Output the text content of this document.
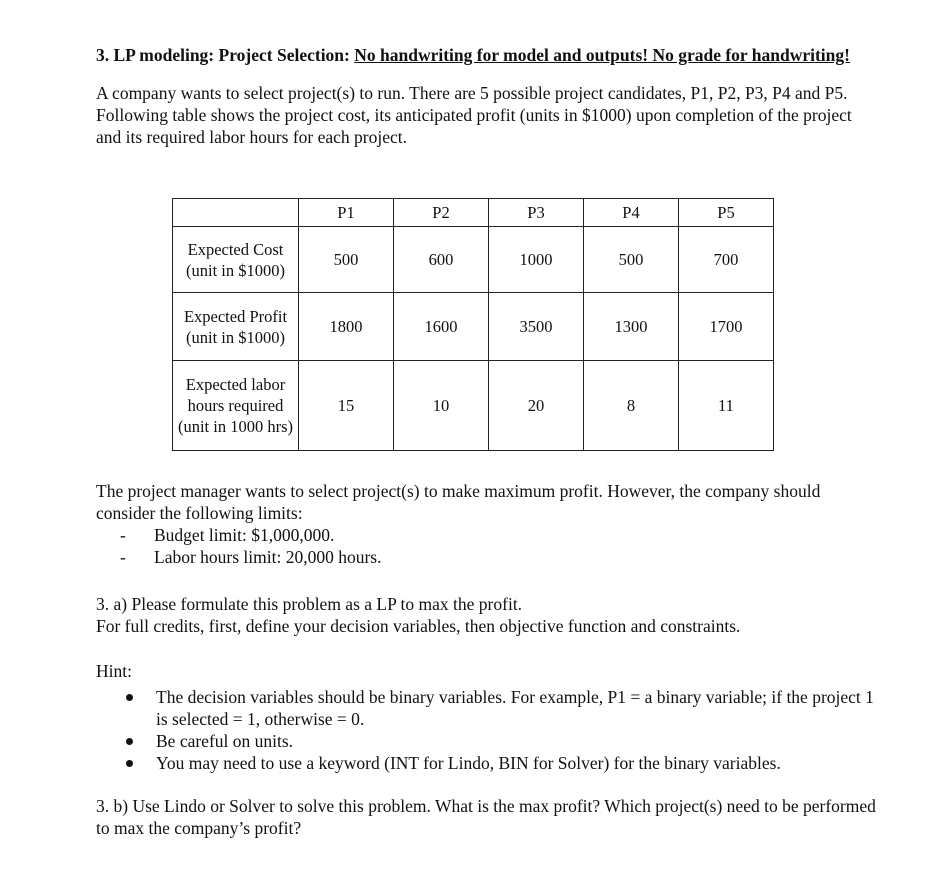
3. LP modeling: Project Selection: No handwriting for model and outputs! No grade for handwriting!

A company wants to select project(s) to run. There are 5 possible project candidates, P1, P2, P3, P4 and P5. Following table shows the project cost, its anticipated profit (units in $1000) upon completion of the project and its required labor hours for each project.

	P1	P2	P3	P4	P5
Expected Cost (unit in $1000)	500	600	1000	500	700
Expected Profit (unit in $1000)	1800	1600	3500	1300	1700
Expected labor hours required (unit in 1000 hrs)	15	10	20	8	11

The project manager wants to select project(s) to make maximum profit. However, the company should consider the following limits:

- Budget limit: $1,000,000.
- Labor hours limit: 20,000 hours.

3. a) Please formulate this problem as a LP to max the profit.

For full credits, first, define your decision variables, then objective function and constraints.

Hint:

The decision variables should be binary variables. For example, P1 = a binary variable; if the project 1 is selected = 1, otherwise = 0.
Be careful on units.
You may need to use a keyword (INT for Lindo, BIN for Solver) for the binary variables.

3. b) Use Lindo or Solver to solve this problem. What is the max profit? Which project(s) need to be performed to max the company’s profit?
